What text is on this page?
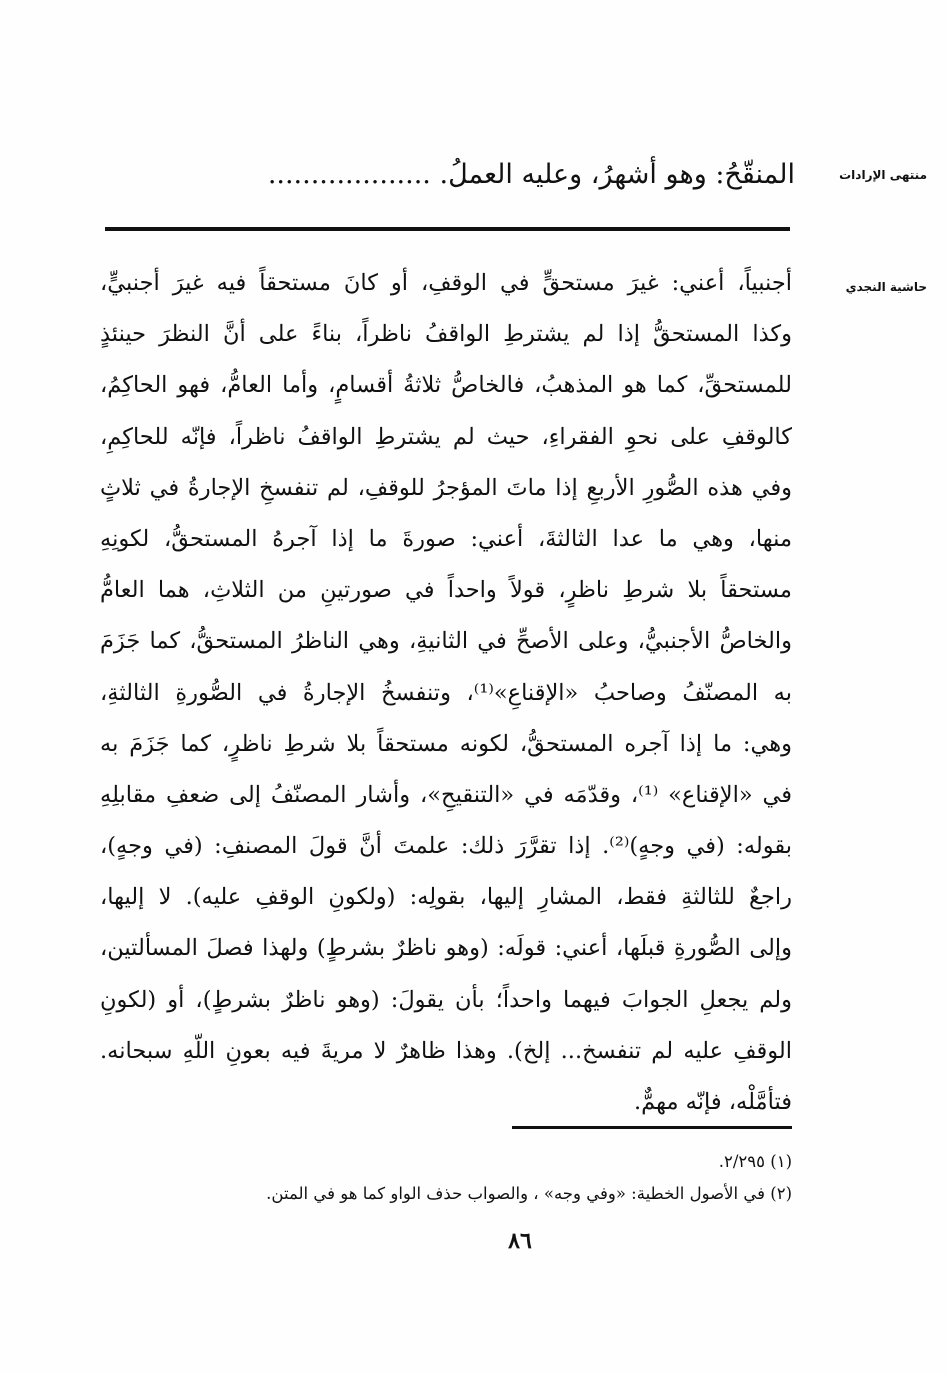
منتهى الإرادات
حاشية النجدي
المنقّحُ: وهو أشهرُ، وعليه العملُ. ...................
أجنبياً، أعني: غيرَ مستحقٍّ في الوقفِ، أو كانَ مستحقاً فيه غيرَ أجنبيٍّ،
وكذا المستحقُّ إذا لم يشترطِ الواقفُ ناظراً، بناءً على أنَّ النظرَ حينئذٍ
للمستحقِّ، كما هو المذهبُ، فالخاصُّ ثلاثةُ أقسامٍ، وأما العامُّ، فهو الحاكِمُ،
كالوقفِ على نحوِ الفقراءِ، حيث لم يشترطِ الواقفُ ناظراً، فإنّه للحاكِمِ،
وفي هذه الصُّورِ الأربعِ إذا ماتَ المؤجرُ للوقفِ، لم تنفسخِ الإجارةُ في ثلاثٍ
منها، وهي ما عدا الثالثةَ، أعني: صورةَ ما إذا آجرهُ المستحقُّ، لكونِهِ
مستحقاً بلا شرطِ ناظرٍ، قولاً واحداً في صورتينِ من الثلاثِ، هما العامُّ
والخاصُّ الأجنبيُّ، وعلى الأصحِّ في الثانيةِ، وهي الناظرُ المستحقُّ، كما جَزَمَ
به المصنّفُ وصاحبُ «الإقناعِ»⁽¹⁾، وتنفسخُ الإجارةُ في الصُّورةِ الثالثةِ،
وهي: ما إذا آجره المستحقُّ، لكونه مستحقاً بلا شرطِ ناظرٍ، كما جَزَمَ به
في «الإقناع» ⁽¹⁾، وقدّمَه في «التنقيحِ»، وأشار المصنّفُ إلى ضعفِ مقابلِهِ
بقوله: (في وجهٍ)⁽²⁾. إذا تقرَّرَ ذلك: علمتَ أنَّ قولَ المصنفِ: (في وجهٍ)،
راجعٌ للثالثةِ فقط، المشارِ إليها، بقولِه: (ولكونِ الوقفِ عليه). لا إليها،
وإلى الصُّورةِ قبلَها، أعني: قولَه: (وهو ناظرٌ بشرطٍ) ولهذا فصلَ المسألتين،
ولم يجعلِ الجوابَ فيهما واحداً؛ بأن يقولَ: (وهو ناظرٌ بشرطٍ)، أو (لكونِ
الوقفِ عليه لم تنفسخ... إلخ). وهذا ظاهرٌ لا مريةَ فيه بعونِ اللّهِ سبحانه.
فتأمَّلْه، فإنّه مهمٌّ.
(١) ٢/٢٩٥.
(٢) في الأصول الخطية: «وفي وجه» ، والصواب حذف الواو كما هو في المتن.
٨٦
